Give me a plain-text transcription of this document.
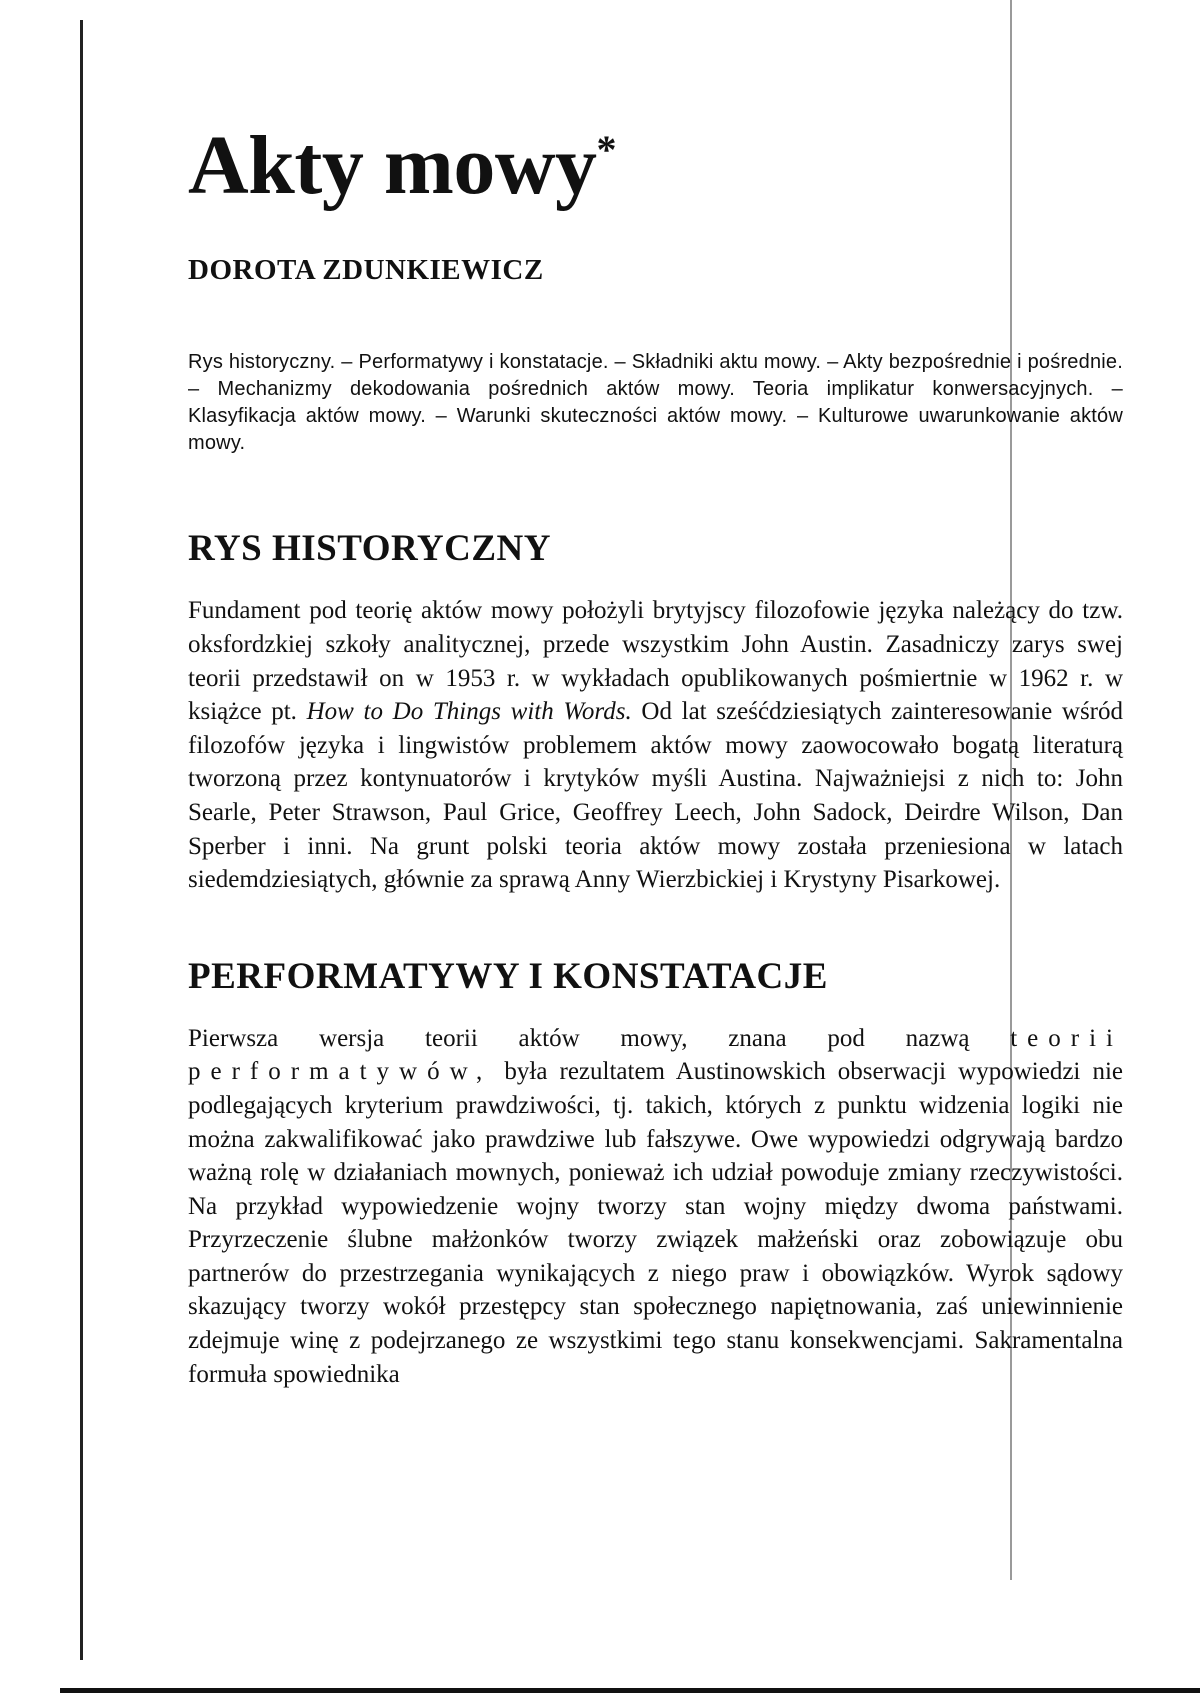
Akty mowy*
DOROTA ZDUNKIEWICZ

Rys historyczny. – Performatywy i konstatacje. – Składniki aktu mowy. – Akty bezpośrednie i pośrednie. – Mechanizmy dekodowania pośrednich aktów mowy. Teoria implikatur konwersacyjnych. – Klasyfikacja aktów mowy. – Warunki skuteczności aktów mowy. – Kulturowe uwarunkowanie aktów mowy.

RYS HISTORYCZNY

Fundament pod teorię aktów mowy położyli brytyjscy filozofowie języka należący do tzw. oksfordzkiej szkoły analitycznej, przede wszystkim John Austin. Zasadniczy zarys swej teorii przedstawił on w 1953 r. w wykładach opublikowanych pośmiertnie w 1962 r. w książce pt. How to Do Things with Words. Od lat sześćdziesiątych zainteresowanie wśród filozofów języka i lingwistów problemem aktów mowy zaowocowało bogatą literaturą tworzoną przez kontynuatorów i krytyków myśli Austina. Najważniejsi z nich to: John Searle, Peter Strawson, Paul Grice, Geoffrey Leech, John Sadock, Deirdre Wilson, Dan Sperber i inni. Na grunt polski teoria aktów mowy została przeniesiona w latach siedemdziesiątych, głównie za sprawą Anny Wierzbickiej i Krystyny Pisarkowej.

PERFORMATYWY I KONSTATACJE

Pierwsza wersja teorii aktów mowy, znana pod nazwą teorii performatywów, była rezultatem Austinowskich obserwacji wypowiedzi nie podlegających kryterium prawdziwości, tj. takich, których z punktu widzenia logiki nie można zakwalifikować jako prawdziwe lub fałszywe. Owe wypowiedzi odgrywają bardzo ważną rolę w działaniach mownych, ponieważ ich udział powoduje zmiany rzeczywistości. Na przykład wypowiedzenie wojny tworzy stan wojny między dwoma państwami. Przyrzeczenie ślubne małżonków tworzy związek małżeński oraz zobowiązuje obu partnerów do przestrzegania wynikających z niego praw i obowiązków. Wyrok sądowy skazujący tworzy wokół przestępcy stan społecznego napiętnowania, zaś uniewinnienie zdejmuje winę z podejrzanego ze wszystkimi tego stanu konsekwencjami. Sakramentalna formuła spowiednika
